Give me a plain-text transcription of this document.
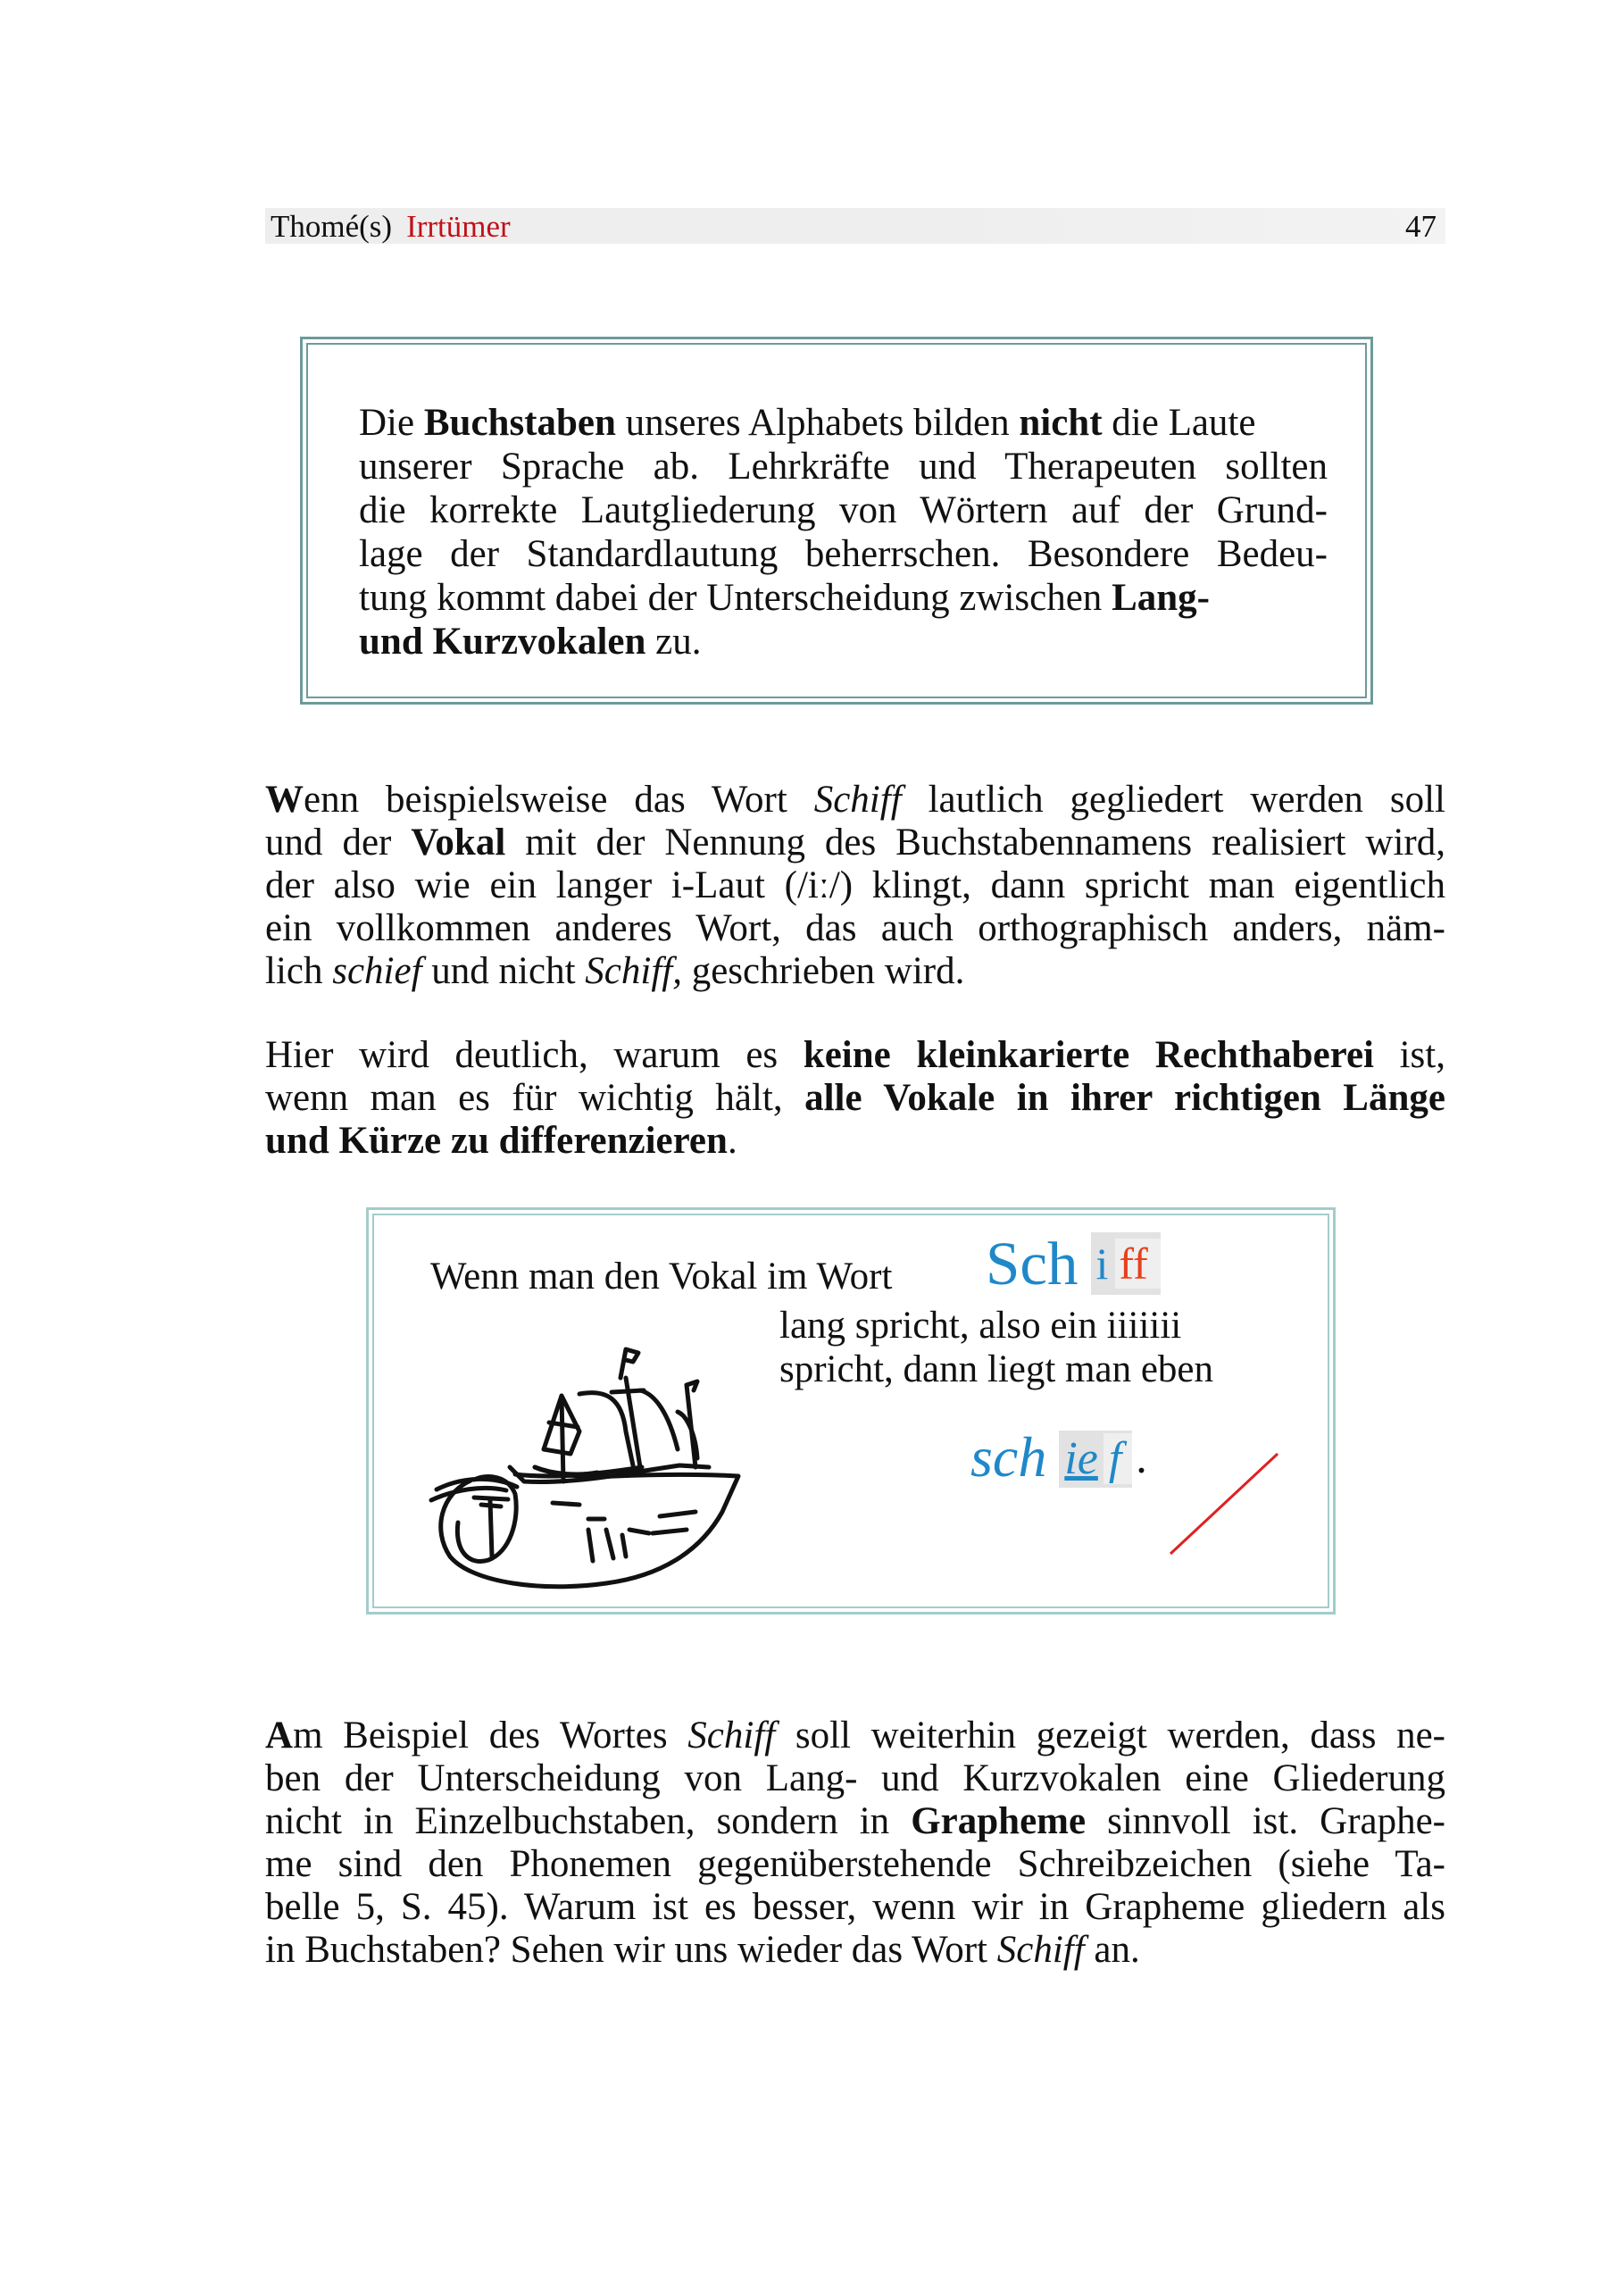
Thomé(s) Irrtümer	47
Die Buchstaben unseres Alphabets bilden nicht die Laute
unserer Sprache ab. Lehrkräfte und Therapeuten sollten
die korrekte Lautgliederung von Wörtern auf der Grund-
lage der Standardlautung beherrschen. Besondere Bedeu-
tung kommt dabei der Unterscheidung zwischen Lang-
und Kurzvokalen zu.
Wenn beispielsweise das Wort Schiff lautlich gegliedert werden soll
und der Vokal mit der Nennung des Buchstabennamens realisiert wird,
der also wie ein langer i-Laut (/iː/) klingt, dann spricht man eigentlich
ein vollkommen anderes Wort, das auch orthographisch anders, näm-
lich schief und nicht Schiff, geschrieben wird.
Hier wird deutlich, warum es keine kleinkarierte Rechthaberei ist,
wenn man es für wichtig hält, alle Vokale in ihrer richtigen Länge
und Kürze zu differenzieren.
Wenn man den Vokal im Wort Sch i ff
lang spricht, also ein iiiiiii
spricht, dann liegt man eben
sch ie f .
Am Beispiel des Wortes Schiff soll weiterhin gezeigt werden, dass ne-
ben der Unterscheidung von Lang- und Kurzvokalen eine Gliederung
nicht in Einzelbuchstaben, sondern in Grapheme sinnvoll ist. Graphe-
me sind den Phonemen gegenüberstehende Schreibzeichen (siehe Ta-
belle 5, S. 45). Warum ist es besser, wenn wir in Grapheme gliedern als
in Buchstaben? Sehen wir uns wieder das Wort Schiff an.
